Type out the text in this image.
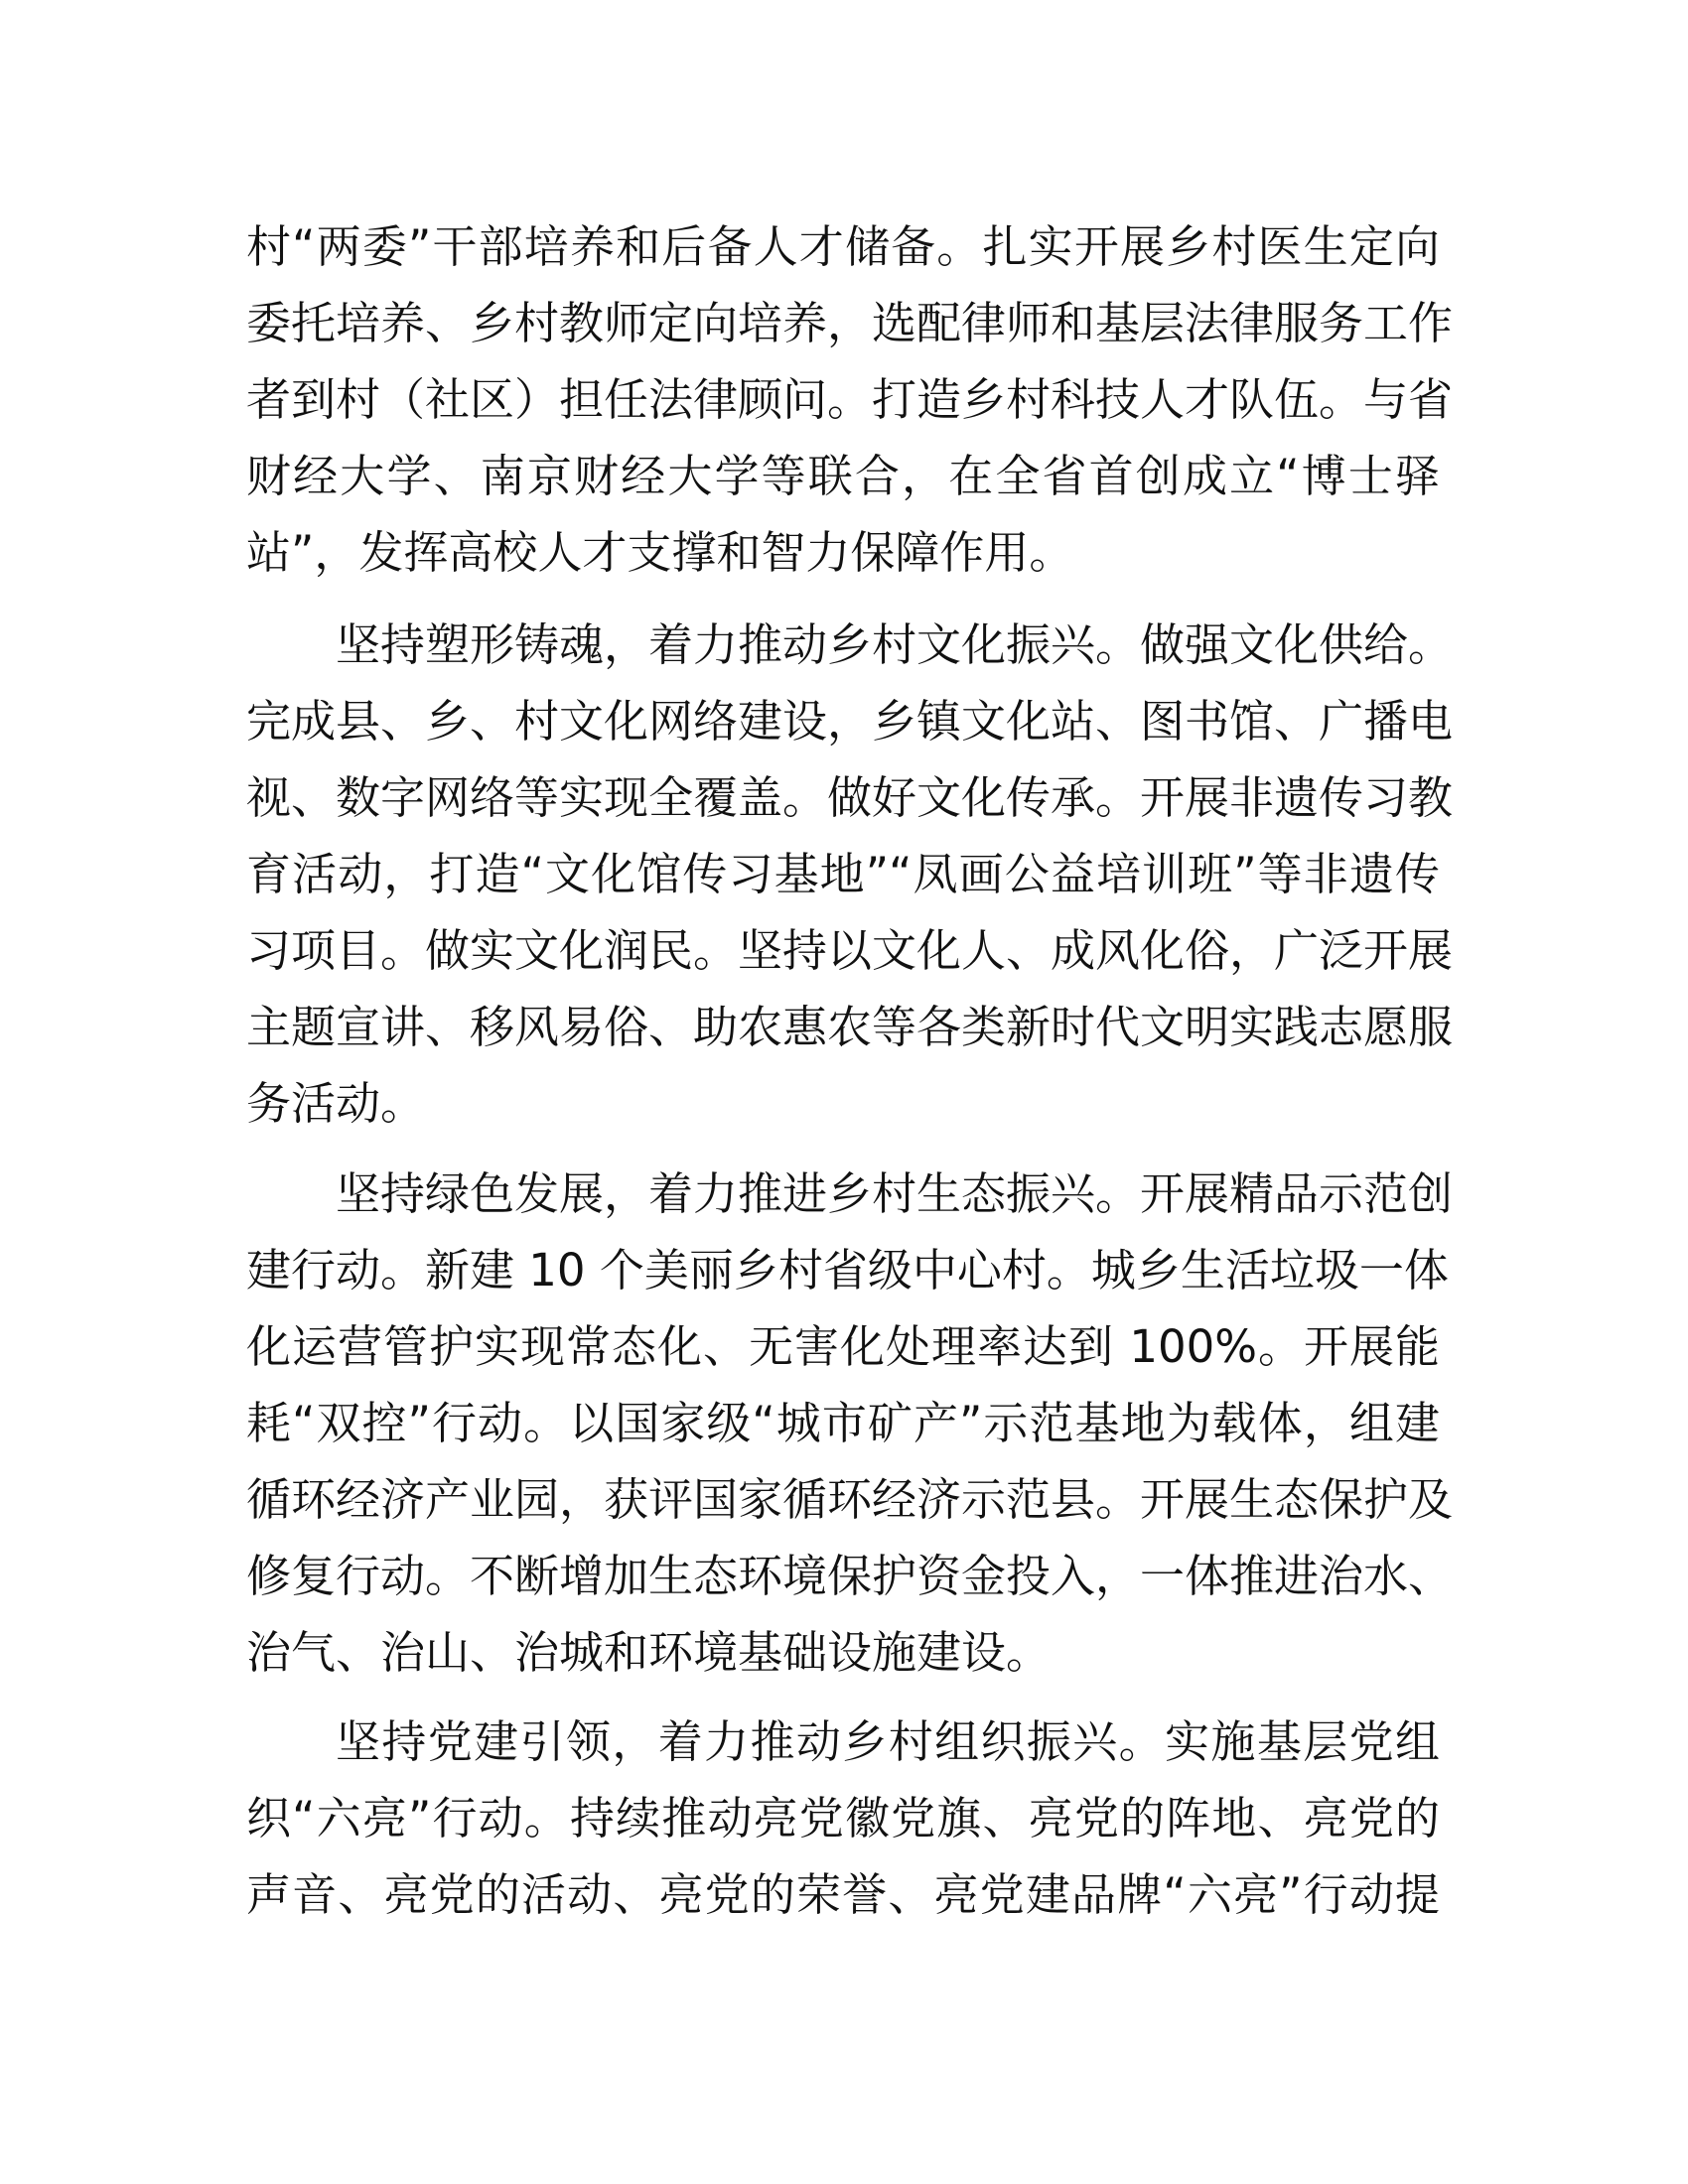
村“两委”干部培养和后备人才储备。扎实开展乡村医生定向
委托培养、乡村教师定向培养，选配律师和基层法律服务工作
者到村（社区）担任法律顾问。打造乡村科技人才队伍。与省
财经大学、南京财经大学等联合，在全省首创成立“博士驿
站”，发挥高校人才支撑和智力保障作用。
坚持塑形铸魂，着力推动乡村文化振兴。做强文化供给。
完成县、乡、村文化网络建设，乡镇文化站、图书馆、广播电
视、数字网络等实现全覆盖。做好文化传承。开展非遗传习教
育活动，打造“文化馆传习基地”“凤画公益培训班”等非遗传
习项目。做实文化润民。坚持以文化人、成风化俗，广泛开展
主题宣讲、移风易俗、助农惠农等各类新时代文明实践志愿服
务活动。
坚持绿色发展，着力推进乡村生态振兴。开展精品示范创
建行动。新建 10 个美丽乡村省级中心村。城乡生活垃圾一体
化运营管护实现常态化、无害化处理率达到 100%。开展能
耗“双控”行动。以国家级“城市矿产”示范基地为载体，组建
循环经济产业园，获评国家循环经济示范县。开展生态保护及
修复行动。不断增加生态环境保护资金投入，一体推进治水、
治气、治山、治城和环境基础设施建设。
坚持党建引领，着力推动乡村组织振兴。实施基层党组
织“六亮”行动。持续推动亮党徽党旗、亮党的阵地、亮党的
声音、亮党的活动、亮党的荣誉、亮党建品牌“六亮”行动提
